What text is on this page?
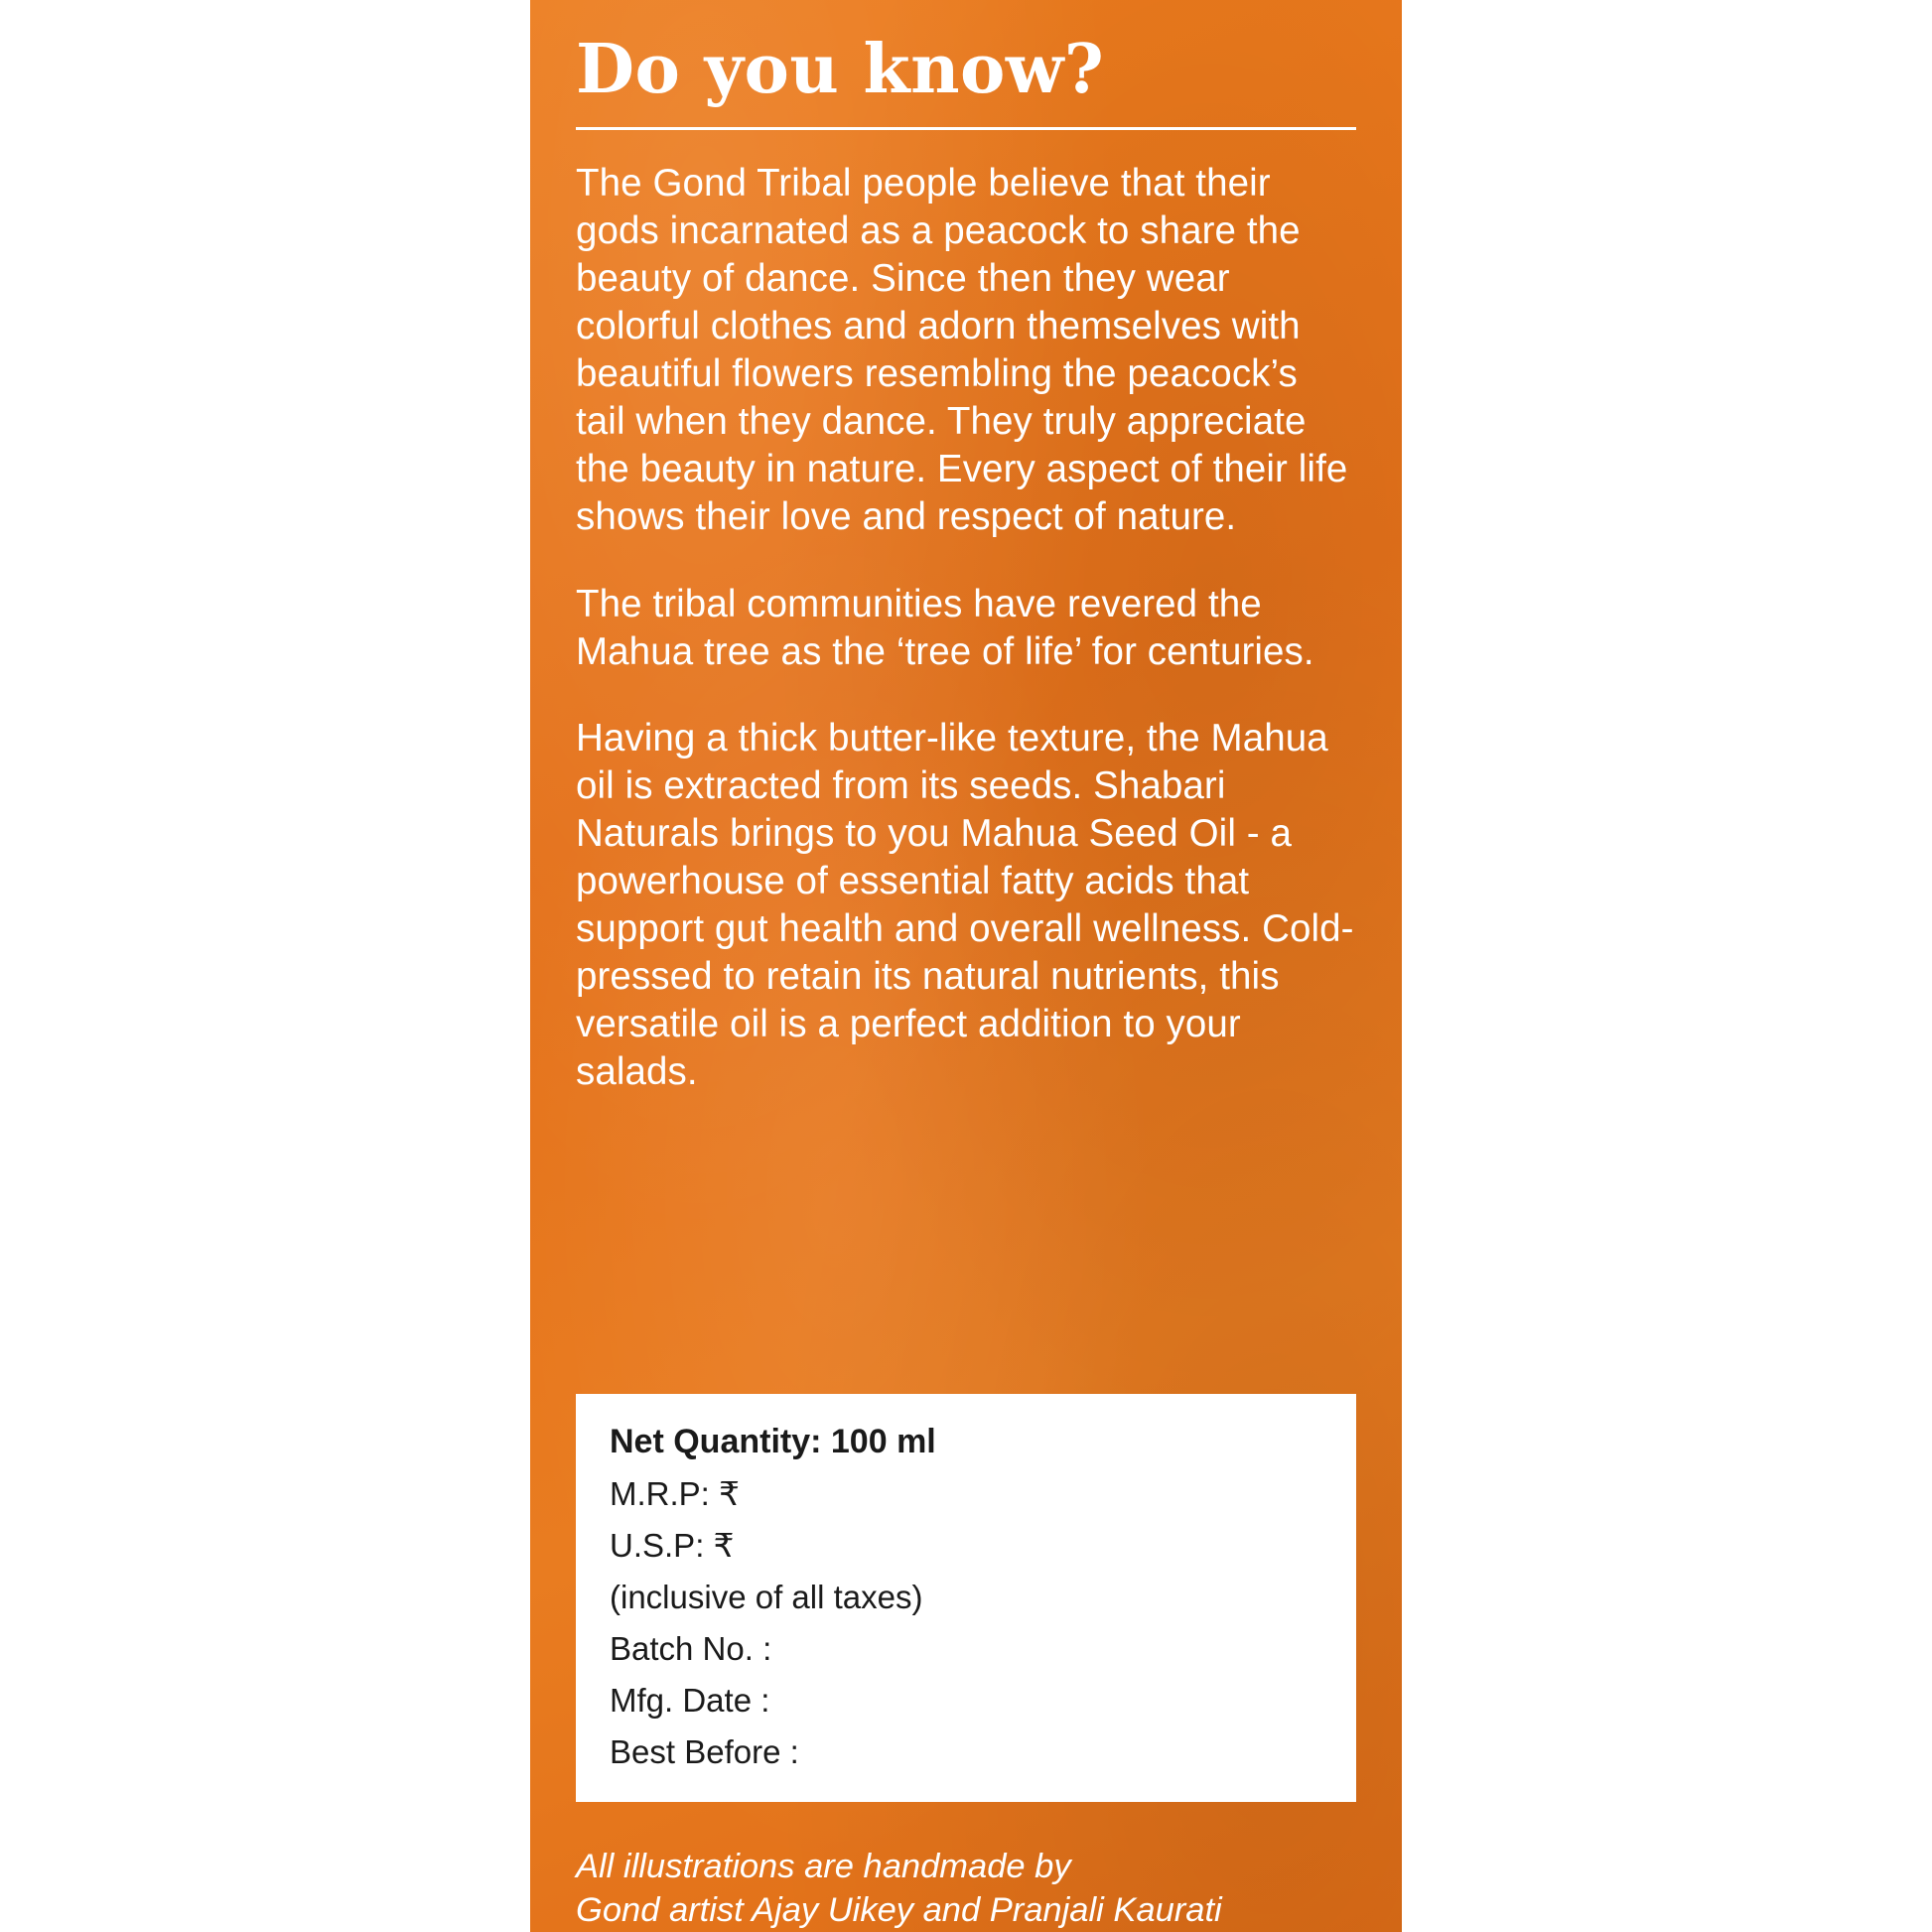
Do you know?

The Gond Tribal people believe that their gods incarnated as a peacock to share the beauty of dance. Since then they wear colorful clothes and adorn themselves with beautiful flowers resembling the peacock’s tail when they dance. They truly appreciate the beauty in nature. Every aspect of their life shows their love and respect of nature.

The tribal communities have revered the Mahua tree as the ‘tree of life’ for centuries.

Having a thick butter-like texture, the Mahua oil is extracted from its seeds. Shabari Naturals brings to you Mahua Seed Oil - a powerhouse of essential fatty acids that support gut health and overall wellness. Cold-pressed to retain its natural nutrients, this versatile oil is a perfect addition to your salads.

Net Quantity: 100 ml
M.R.P: ₹
U.S.P: ₹
(inclusive of all taxes)
Batch No. :
Mfg. Date :
Best Before :
All illustrations are handmade by
Gond artist Ajay Uikey and Pranjali Kaurati
